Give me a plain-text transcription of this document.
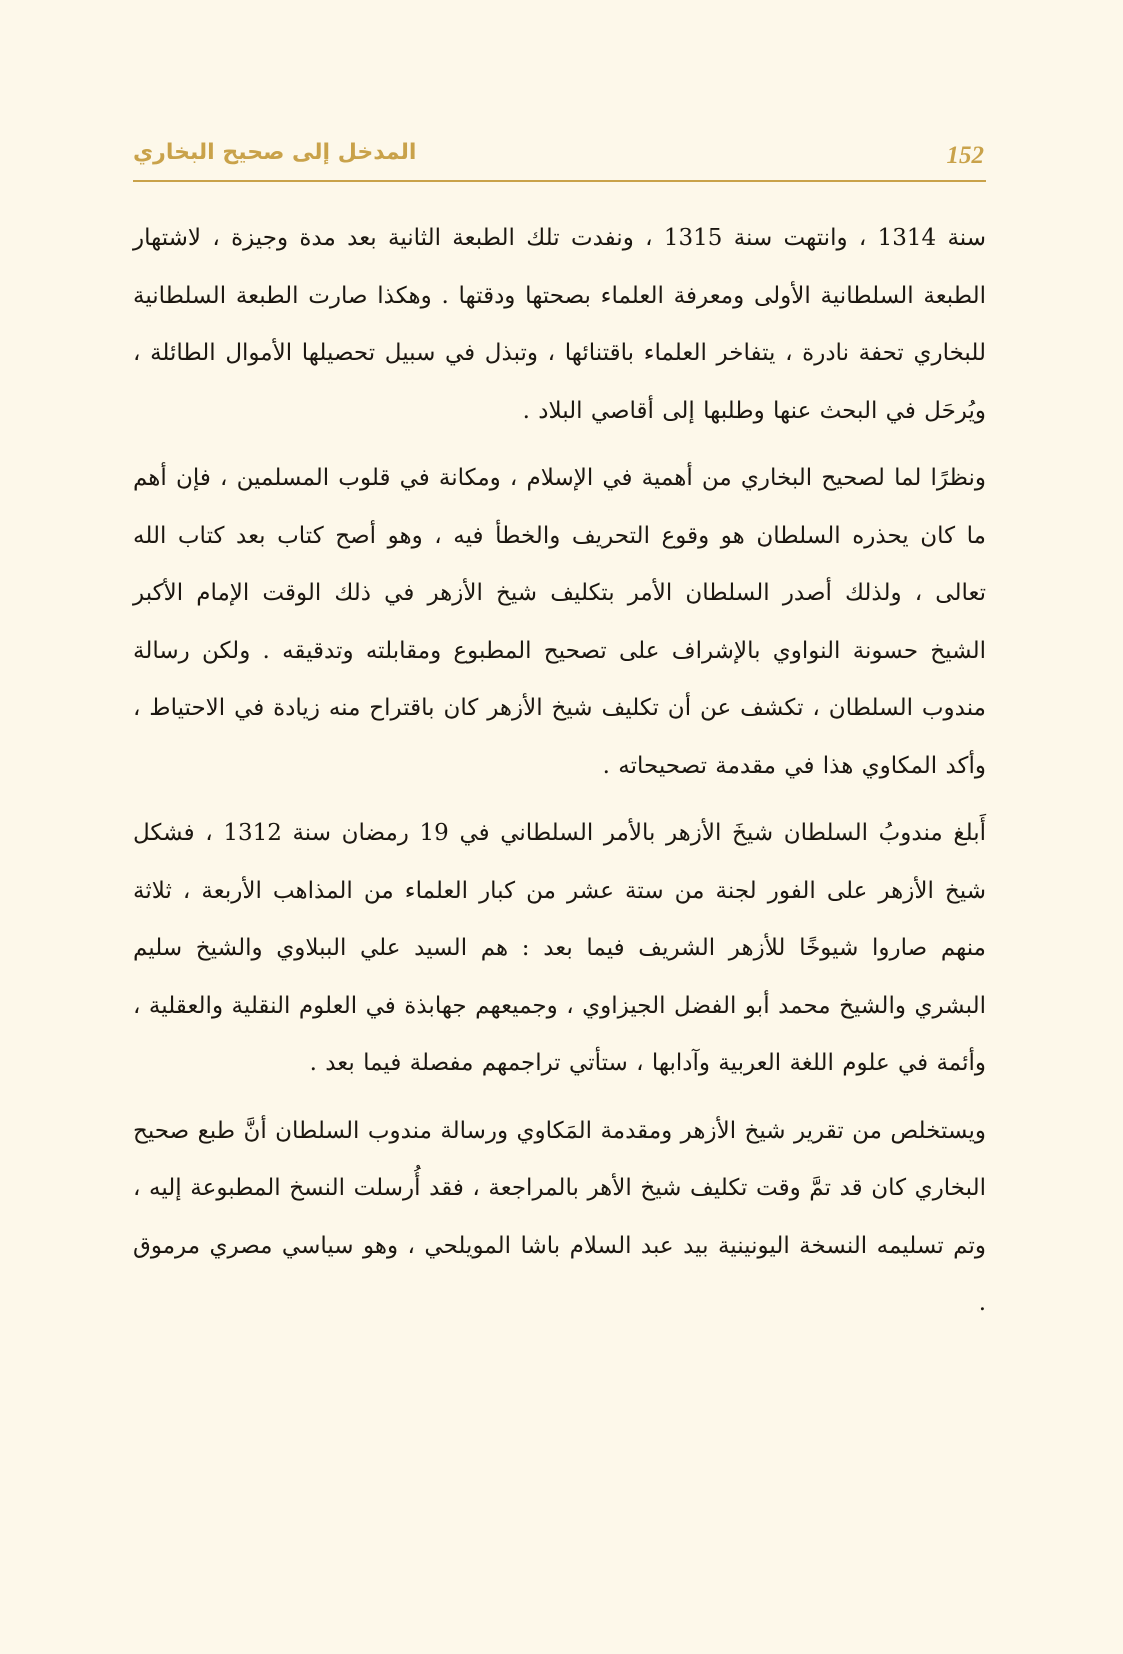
152
المدخل إلى صحيح البخاري

سنة 1314 ، وانتهت سنة 1315 ، ونفدت تلك الطبعة الثانية بعد مدة وجيزة ، لاشتهار الطبعة السلطانية الأولى ومعرفة العلماء بصحتها ودقتها . وهكذا صارت الطبعة السلطانية للبخاري تحفة نادرة ، يتفاخر العلماء باقتنائها ، وتبذل في سبيل تحصيلها الأموال الطائلة ، ويُرحَل في البحث عنها وطلبها إلى أقاصي البلاد .

ونظرًا لما لصحيح البخاري من أهمية في الإسلام ، ومكانة في قلوب المسلمين ، فإن أهم ما كان يحذره السلطان هو وقوع التحريف والخطأ فيه ، وهو أصح كتاب بعد كتاب الله تعالى ، ولذلك أصدر السلطان الأمر بتكليف شيخ الأزهر في ذلك الوقت الإمام الأكبر الشيخ حسونة النواوي بالإشراف على تصحيح المطبوع ومقابلته وتدقيقه . ولكن رسالة مندوب السلطان ، تكشف عن أن تكليف شيخ الأزهر كان باقتراح منه زيادة في الاحتياط ، وأكد المكاوي هذا في مقدمة تصحيحاته .

أَبلغ مندوبُ السلطان شيخَ الأزهر بالأمر السلطاني في 19 رمضان سنة 1312 ، فشكل شيخ الأزهر على الفور لجنة من ستة عشر من كبار العلماء من المذاهب الأربعة ، ثلاثة منهم صاروا شيوخًا للأزهر الشريف فيما بعد : هم السيد علي الببلاوي والشيخ سليم البشري والشيخ محمد أبو الفضل الجيزاوي ، وجميعهم جهابذة في العلوم النقلية والعقلية ، وأئمة في علوم اللغة العربية وآدابها ، ستأتي تراجمهم مفصلة فيما بعد .

ويستخلص من تقرير شيخ الأزهر ومقدمة المَكاوي ورسالة مندوب السلطان أنَّ طبع صحيح البخاري كان قد تمَّ وقت تكليف شيخ الأهر بالمراجعة ، فقد أُرسلت النسخ المطبوعة إليه ، وتم تسليمه النسخة اليونينية بيد عبد السلام باشا المويلحي ، وهو سياسي مصري مرموق .
